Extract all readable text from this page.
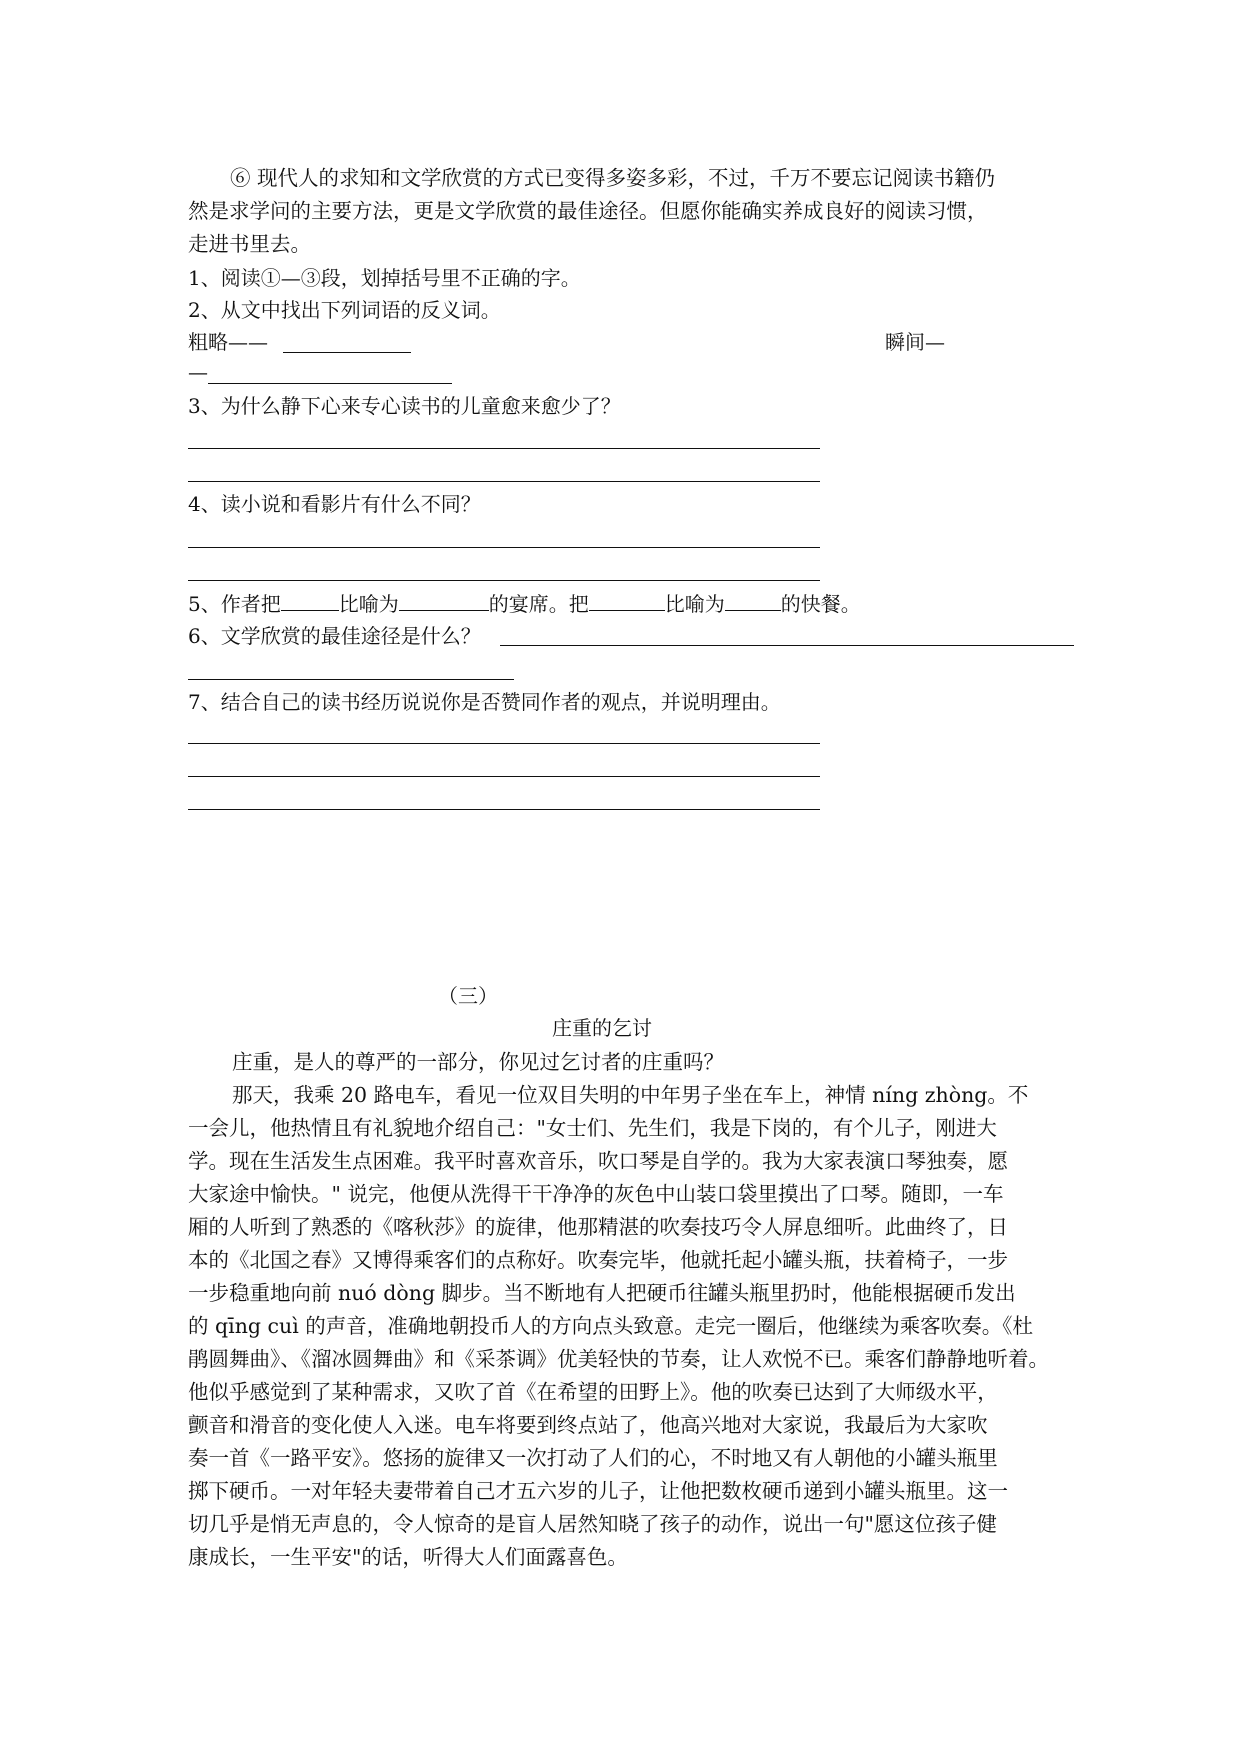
⑥ 现代人的求知和文学欣赏的方式已变得多姿多彩，不过，千万不要忘记阅读书籍仍
然是求学问的主要方法，更是文学欣赏的最佳途径。但愿你能确实养成良好的阅读习惯，
走进书里去。
1、阅读①—③段，划掉括号里不正确的字。
2、从文中找出下列词语的反义词。
粗略——	瞬间—
—
3、为什么静下心来专心读书的儿童愈来愈少了？
4、读小说和看影片有什么不同？
5、作者把	比喻为	的宴席。把	比喻为	的快餐。
6、文学欣赏的最佳途径是什么？
7、结合自己的读书经历说说你是否赞同作者的观点，并说明理由。
（三）
庄重的乞讨
庄重，是人的尊严的一部分，你见过乞讨者的庄重吗？
那天，我乘 20 路电车，看见一位双目失明的中年男子坐在车上，神情 níng zhòng。不
一会儿，他热情且有礼貌地介绍自己："女士们、先生们，我是下岗的，有个儿子，刚进大
学。现在生活发生点困难。我平时喜欢音乐，吹口琴是自学的。我为大家表演口琴独奏，愿
大家途中愉快。" 说完，他便从洗得干干净净的灰色中山装口袋里摸出了口琴。随即，一车
厢的人听到了熟悉的《喀秋莎》的旋律，他那精湛的吹奏技巧令人屏息细听。此曲终了，日
本的《北国之春》又博得乘客们的点称好。吹奏完毕，他就托起小罐头瓶，扶着椅子，一步
一步稳重地向前 nuó dòng 脚步。当不断地有人把硬币往罐头瓶里扔时，他能根据硬币发出
的 qīng cuì 的声音，准确地朝投币人的方向点头致意。走完一圈后，他继续为乘客吹奏。《杜
鹃圆舞曲》、《溜冰圆舞曲》和《采茶调》优美轻快的节奏，让人欢悦不已。乘客们静静地听着。
他似乎感觉到了某种需求，又吹了首《在希望的田野上》。他的吹奏已达到了大师级水平，
颤音和滑音的变化使人入迷。电车将要到终点站了，他高兴地对大家说，我最后为大家吹
奏一首《一路平安》。悠扬的旋律又一次打动了人们的心，不时地又有人朝他的小罐头瓶里
掷下硬币。一对年轻夫妻带着自己才五六岁的儿子，让他把数枚硬币递到小罐头瓶里。这一
切几乎是悄无声息的，令人惊奇的是盲人居然知晓了孩子的动作，说出一句"愿这位孩子健
康成长，一生平安"的话，听得大人们面露喜色。
